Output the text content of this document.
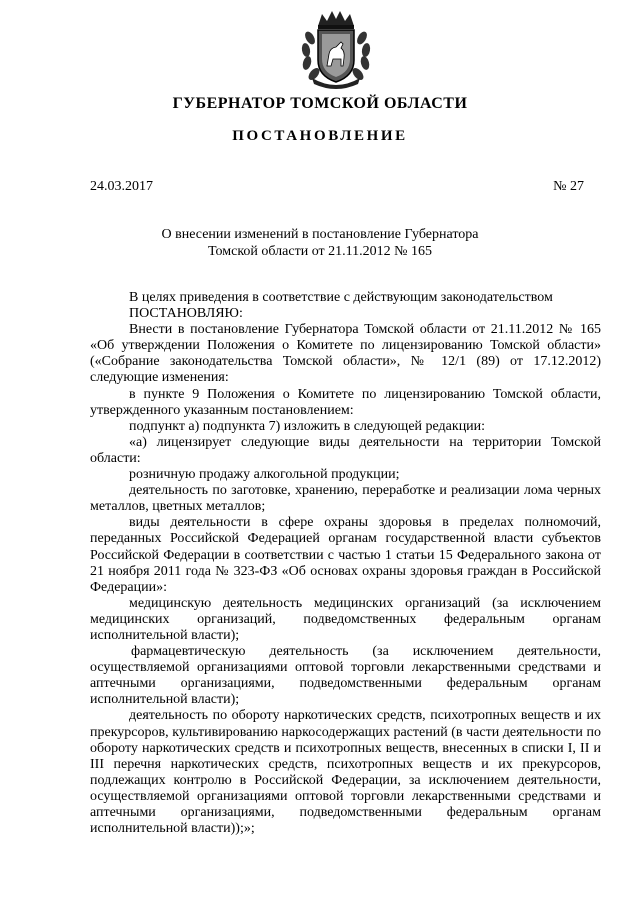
ГУБЕРНАТОР ТОМСКОЙ ОБЛАСТИ
ПОСТАНОВЛЕНИЕ
24.03.2017	№ 27
О внесении изменений в постановление Губернатора
Томской области от 21.11.2012 № 165

В целях приведения в соответствие с действующим законодательством

ПОСТАНОВЛЯЮ:

Внести в постановление Губернатора Томской области от 21.11.2012 № 165 «Об утверждении Положения о Комитете по лицензированию Томской области» («Собрание законодательства Томской области», № 12/1 (89) от 17.12.2012) следующие изменения:

в пункте 9 Положения о Комитете по лицензированию Томской области, утвержденного указанным постановлением:

подпункт а) подпункта 7) изложить в следующей редакции:

«а) лицензирует следующие виды деятельности на территории Томской области:

розничную продажу алкогольной продукции;

деятельность по заготовке, хранению, переработке и реализации лома черных металлов, цветных металлов;

виды деятельности в сфере охраны здоровья в пределах полномочий, переданных Российской Федерацией органам государственной власти субъектов Российской Федерации в соответствии с частью 1 статьи 15 Федерального закона от 21 ноября 2011 года № 323-ФЗ «Об основах охраны здоровья граждан в Российской Федерации»:

медицинскую деятельность медицинских организаций (за исключением медицинских организаций, подведомственных федеральным органам исполнительной власти);

фармацевтическую деятельность (за исключением деятельности, осуществляемой организациями оптовой торговли лекарственными средствами и аптечными организациями, подведомственными федеральным органам исполнительной власти);

деятельность по обороту наркотических средств, психотропных веществ и их прекурсоров, культивированию наркосодержащих растений (в части деятельности по обороту наркотических средств и психотропных веществ, внесенных в списки I, II и III перечня наркотических средств, психотропных веществ и их прекурсоров, подлежащих контролю в Российской Федерации, за исключением деятельности, осуществляемой организациями оптовой торговли лекарственными средствами и аптечными организациями, подведомственными федеральным органам исполнительной власти));»;
